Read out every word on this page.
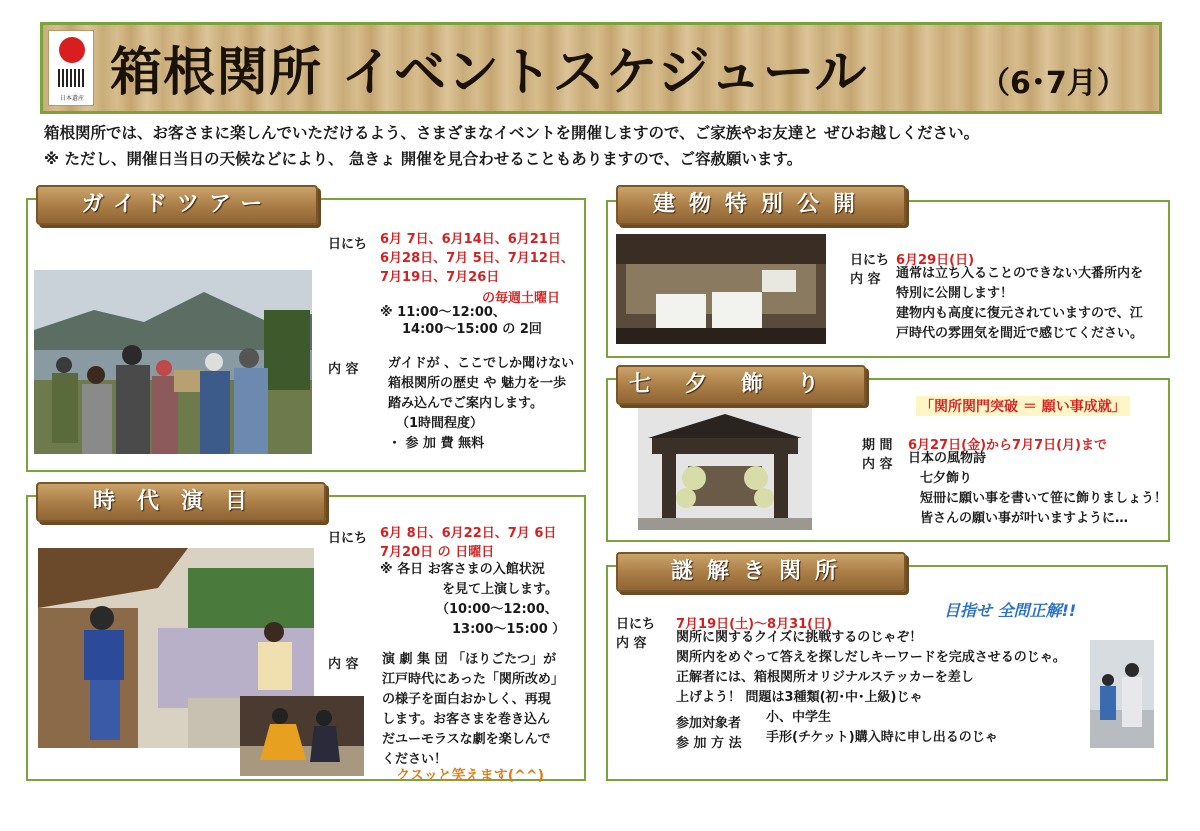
日本遺産 箱根関所 イベントスケジュール	（6･7月）
箱根関所では、お客さまに楽しんでいただけるよう、さまざまなイベントを開催しますので、ご家族やお友達と ぜひお越しください。
※ ただし、開催日当日の天候などにより、 急きょ 開催を見合わせることもありますので、ご容赦願います。
ガイドツアー
日にち 6月 7日、6月14日、6月21日
6月28日、7月 5日、7月12日、
7月19日、7月26日
の毎週土曜日
※ 11:00～12:00、
14:00～15:00 の 2回
内 容 ガイドが 、ここでしか聞けない
箱根関所の歴史 や 魅力を一歩
踏み込んでご案内します。
（1時間程度）
・ 参 加 費 無料
時代演目
日にち 6月 8日、6月22日、7月 6日
7月20日 の 日曜日
※ 各日 お客さまの入館状況
を見て上演します。
（10:00～12:00、
13:00～15:00 ）
内 容 演 劇 集 団 「ほりごたつ」が
江戸時代にあった「関所改め」
の様子を面白おかしく、再現
します。お客さまを巻き込ん
だユーモラスな劇を楽しんで
ください！
クスッと笑えます(^^)
建物特別公開
日にち 6月29日(日)
内 容 通常は立ち入ることのできない大番所内を
特別に公開します！
建物内も高度に復元されていますので、江
戸時代の雰囲気を間近で感じてください。
七夕飾り
「関所関門突破 ＝ 願い事成就」
期 間 6月27日(金)から7月7日(月)まで
内 容 日本の風物詩
七夕飾り
短冊に願い事を書いて笹に飾りましょう！
皆さんの願い事が叶いますように…
謎解き関所
目指せ 全問正解!!
日にち 7月19日(土)～8月31(日)
内 容 関所に関するクイズに挑戦するのじゃぞ！
関所内をめぐって答えを探しだしキーワードを完成させるのじゃ。
正解者には、箱根関所オリジナルステッカーを差し
上げよう！ 問題は3種類(初･中･上級)じゃ
参加対象者 小、中学生
参 加 方 法 手形(チケット)購入時に申し出るのじゃ
